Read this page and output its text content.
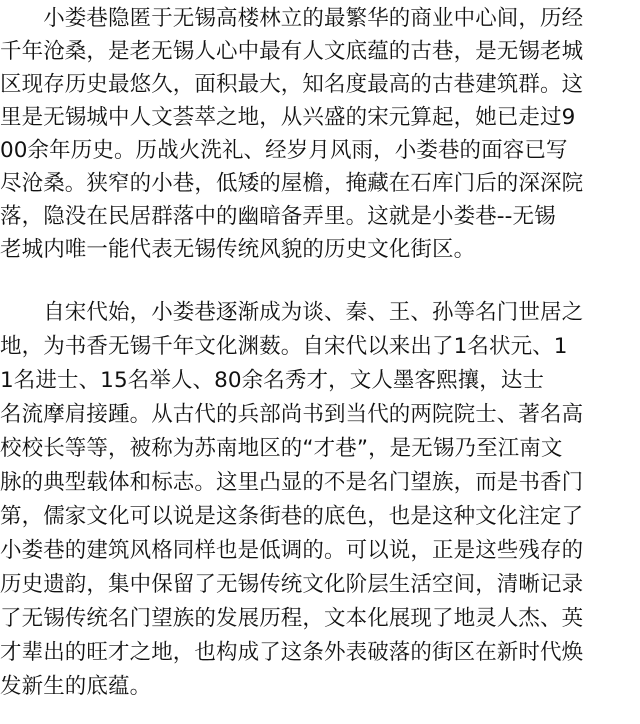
　　小娄巷隐匿于无锡高楼林立的最繁华的商业中心间，历经
千年沧桑，是老无锡人心中最有人文底蕴的古巷，是无锡老城
区现存历史最悠久，面积最大，知名度最高的古巷建筑群。这
里是无锡城中人文荟萃之地，从兴盛的宋元算起，她已走过9
00余年历史。历战火洗礼、经岁月风雨，小娄巷的面容已写
尽沧桑。狭窄的小巷，低矮的屋檐，掩藏在石库门后的深深院
落，隐没在民居群落中的幽暗备弄里。这就是小娄巷--无锡
老城内唯一能代表无锡传统风貌的历史文化街区。
　　自宋代始，小娄巷逐渐成为谈、秦、王、孙等名门世居之
地，为书香无锡千年文化渊薮。自宋代以来出了1名状元、1
1名进士、15名举人、80余名秀才，文人墨客熙攘，达士
名流摩肩接踵。从古代的兵部尚书到当代的两院院士、著名高
校校长等等，被称为苏南地区的“才巷”，是无锡乃至江南文
脉的典型载体和标志。这里凸显的不是名门望族，而是书香门
第，儒家文化可以说是这条街巷的底色，也是这种文化注定了
小娄巷的建筑风格同样也是低调的。可以说，正是这些残存的
历史遗韵，集中保留了无锡传统文化阶层生活空间，清晰记录
了无锡传统名门望族的发展历程，文本化展现了地灵人杰、英
才辈出的旺才之地，也构成了这条外表破落的街区在新时代焕
发新生的底蕴。
